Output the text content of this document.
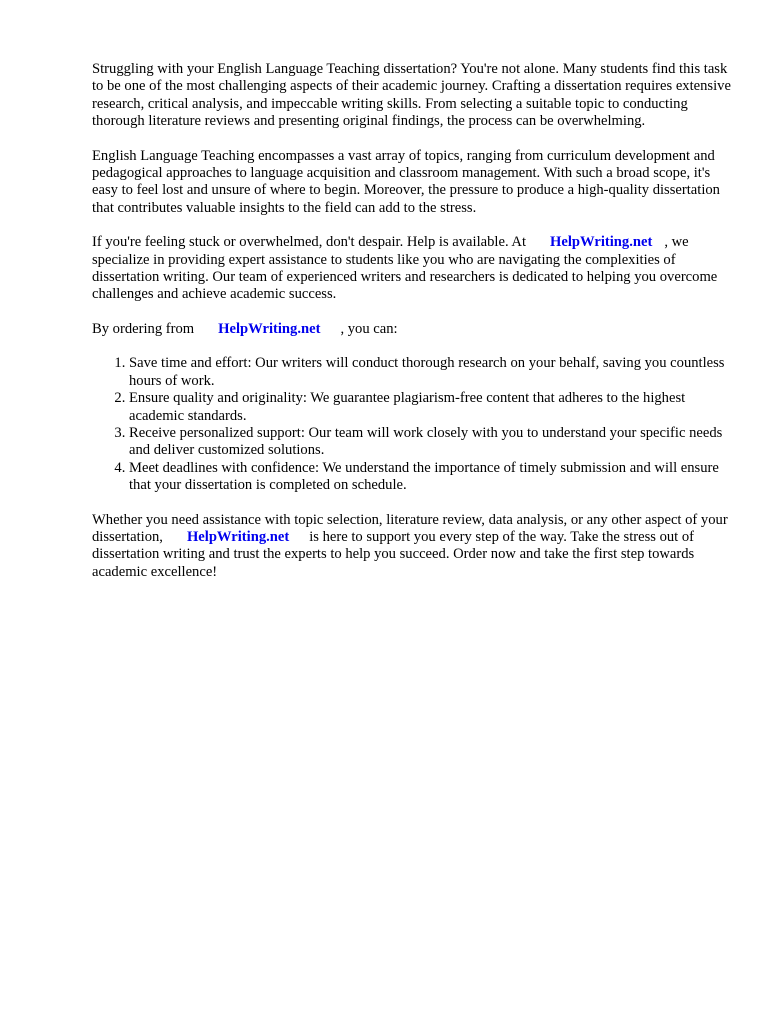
Struggling with your English Language Teaching dissertation? You're not alone. Many students find this task to be one of the most challenging aspects of their academic journey. Crafting a dissertation requires extensive research, critical analysis, and impeccable writing skills. From selecting a suitable topic to conducting thorough literature reviews and presenting original findings, the process can be overwhelming.

English Language Teaching encompasses a vast array of topics, ranging from curriculum development and pedagogical approaches to language acquisition and classroom management. With such a broad scope, it's easy to feel lost and unsure of where to begin. Moreover, the pressure to produce a high-quality dissertation that contributes valuable insights to the field can add to the stress.

If you're feeling stuck or overwhelmed, don't despair. Help is available. At HelpWriting.net , we specialize in providing expert assistance to students like you who are navigating the complexities of dissertation writing. Our team of experienced writers and researchers is dedicated to helping you overcome challenges and achieve academic success.

By ordering from HelpWriting.net , you can:

1. Save time and effort: Our writers will conduct thorough research on your behalf, saving you countless hours of work.
2. Ensure quality and originality: We guarantee plagiarism-free content that adheres to the highest academic standards.
3. Receive personalized support: Our team will work closely with you to understand your specific needs and deliver customized solutions.
4. Meet deadlines with confidence: We understand the importance of timely submission and will ensure that your dissertation is completed on schedule.

Whether you need assistance with topic selection, literature review, data analysis, or any other aspect of your dissertation, HelpWriting.net is here to support you every step of the way. Take the stress out of dissertation writing and trust the experts to help you succeed. Order now and take the first step towards academic excellence!
